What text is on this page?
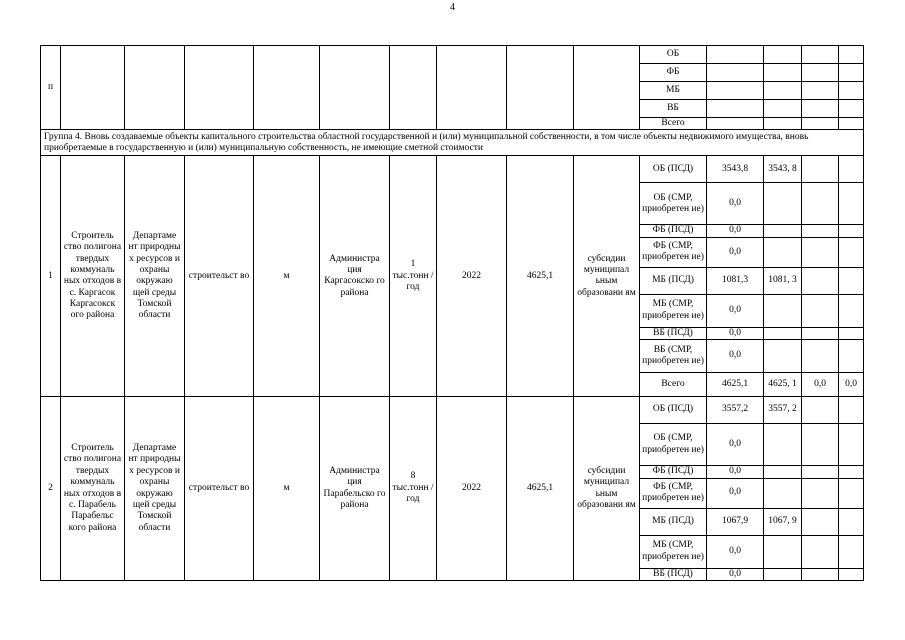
4
п										ОБ				
										ФБ				
										МБ				
										ВБ				
										Всего				
Группа 4. Вновь создаваемые объекты капитального строительства областной государственной и (или) муниципальной собственности, в том числе объекты недвижимого имущества, вновь приобретаемые в государственную и (или) муниципальную собственность, не имеющие сметной стоимости														
1	Строитель ство полигона твердых коммуналь ных отходов в с. Каргасок Каргасокск ого района	Департаме нт природны х ресурсов и охраны окружаю щей среды Томской области	строительст во	м	Администра ция Каргасокско го района	1 тыс.тонн /год	2022	4625,1	субсидии муниципал ьным образовани ям	ОБ (ПСД)	3543,8	3543, 8		
										ОБ (СМР, приобретен ие)	0,0			
										ФБ (ПСД)	0,0			
										ФБ (СМР, приобретен ие)	0,0			
										МБ (ПСД)	1081,3	1081, 3		
										МБ (СМР, приобретен ие)	0,0			
										ВБ (ПСД)	0,0			
										ВБ (СМР, приобретен ие)	0,0			
										Всего	4625,1	4625, 1	0,0	0,0
2	Строитель ство полигона твердых коммуналь ных отходов в с. Парабель Парабельс кого района	Департаме нт природны х ресурсов и охраны окружаю щей среды Томской области	строительст во	м	Администра ция Парабельско го района	8 тыс.тонн /год	2022	4625,1	субсидии муниципал ьным образовани ям	ОБ (ПСД)	3557,2	3557, 2		
										ОБ (СМР, приобретен ие)	0,0			
										ФБ (ПСД)	0,0			
										ФБ (СМР, приобретен ие)	0,0			
										МБ (ПСД)	1067,9	1067, 9		
										МБ (СМР, приобретен ие)	0,0			
										ВБ (ПСД)	0,0			
